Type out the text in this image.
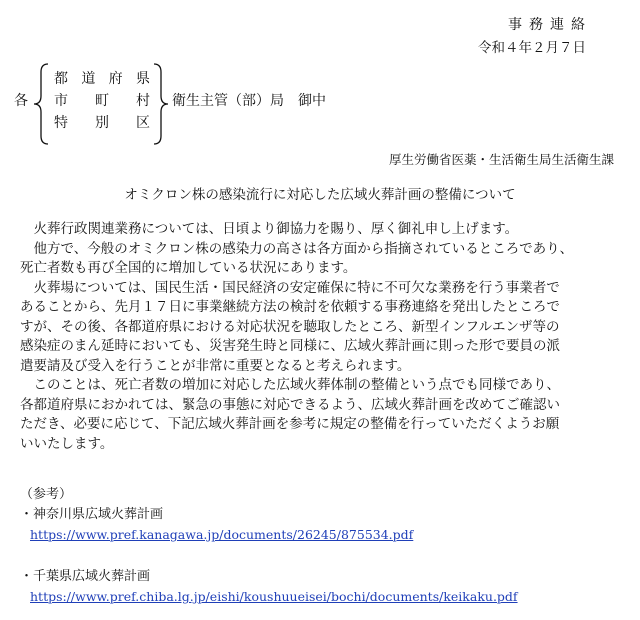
事務連絡
令和４年２月７日
各
都 道 府 県
市 町 村
特 別 区
衛生主管（部）局　御中
厚生労働省医薬・生活衛生局生活衛生課
オミクロン株の感染流行に対応した広域火葬計画の整備について
　火葬行政関連業務については、日頃より御協力を賜り、厚く御礼申し上げます。
　他方で、今般のオミクロン株の感染力の高さは各方面から指摘されているところであり、
死亡者数も再び全国的に増加している状況にあります。
　火葬場については、国民生活・国民経済の安定確保に特に不可欠な業務を行う事業者で
あることから、先月１７日に事業継続方法の検討を依頼する事務連絡を発出したところで
すが、その後、各都道府県における対応状況を聴取したところ、新型インフルエンザ等の
感染症のまん延時においても、災害発生時と同様に、広域火葬計画に則った形で要員の派
遣要請及び受入を行うことが非常に重要となると考えられます。
　このことは、死亡者数の増加に対応した広域火葬体制の整備という点でも同様であり、
各都道府県におかれては、緊急の事態に対応できるよう、広域火葬計画を改めてご確認い
ただき、必要に応じて、下記広域火葬計画を参考に規定の整備を行っていただくようお願
いいたします。
（参考）
・神奈川県広域火葬計画
https://www.pref.kanagawa.jp/documents/26245/875534.pdf
・千葉県広域火葬計画
https://www.pref.chiba.lg.jp/eishi/koushuueisei/bochi/documents/keikaku.pdf
